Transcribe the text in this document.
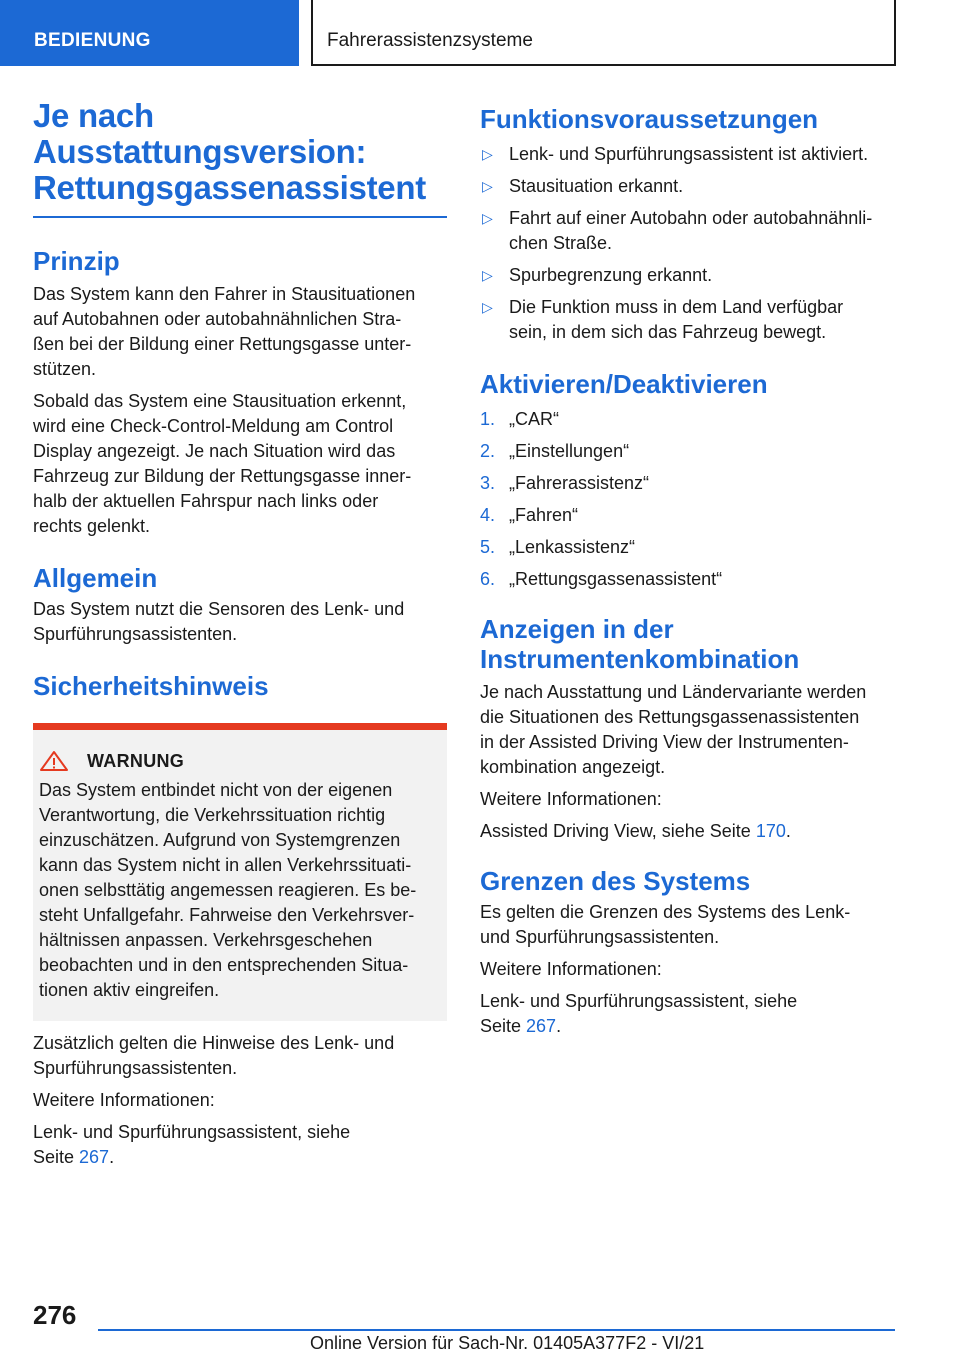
BEDIENUNG	Fahrerassistenzsysteme
Je nach
Ausstattungsversion:
Rettungsgassenassistent
Prinzip

Das System kann den Fahrer in Stausituationen
auf Autobahnen oder autobahnähnlichen Stra-
ßen bei der Bildung einer Rettungsgasse unter-
stützen.

Sobald das System eine Stausituation erkennt,
wird eine Check-Control-Meldung am Control
Display angezeigt. Je nach Situation wird das
Fahrzeug zur Bildung der Rettungsgasse inner-
halb der aktuellen Fahrspur nach links oder
rechts gelenkt.

Allgemein

Das System nutzt die Sensoren des Lenk- und
Spurführungsassistenten.

Sicherheitshinweis
WARNUNG

Das System entbindet nicht von der eigenen
Verantwortung, die Verkehrssituation richtig
einzuschätzen. Aufgrund von Systemgrenzen
kann das System nicht in allen Verkehrssituati-
onen selbsttätig angemessen reagieren. Es be-
steht Unfallgefahr. Fahrweise den Verkehrsver-
hältnissen anpassen. Verkehrsgeschehen
beobachten und in den entsprechenden Situa-
tionen aktiv eingreifen.

Zusätzlich gelten die Hinweise des Lenk- und
Spurführungsassistenten.

Weitere Informationen:

Lenk- und Spurführungsassistent, siehe
Seite 267.

Funktionsvoraussetzungen
▷ Lenk- und Spurführungsassistent ist aktiviert.
▷ Stausituation erkannt.
▷ Fahrt auf einer Autobahn oder autobahnähnli-
chen Straße.
▷ Spurbegrenzung erkannt.
▷ Die Funktion muss in dem Land verfügbar
sein, in dem sich das Fahrzeug bewegt.
Aktivieren/Deaktivieren
1. „CAR“
2. „Einstellungen“
3. „Fahrerassistenz“
4. „Fahren“
5. „Lenkassistenz“
6. „Rettungsgassenassistent“
Anzeigen in der
Instrumentenkombination

Je nach Ausstattung und Ländervariante werden
die Situationen des Rettungsgassenassistenten
in der Assisted Driving View der Instrumenten-
kombination angezeigt.

Weitere Informationen:

Assisted Driving View, siehe Seite 170.

Grenzen des Systems

Es gelten die Grenzen des Systems des Lenk-
und Spurführungsassistenten.

Weitere Informationen:

Lenk- und Spurführungsassistent, siehe
Seite 267.

276
Online Version für Sach-Nr. 01405A377F2 - VI/21
